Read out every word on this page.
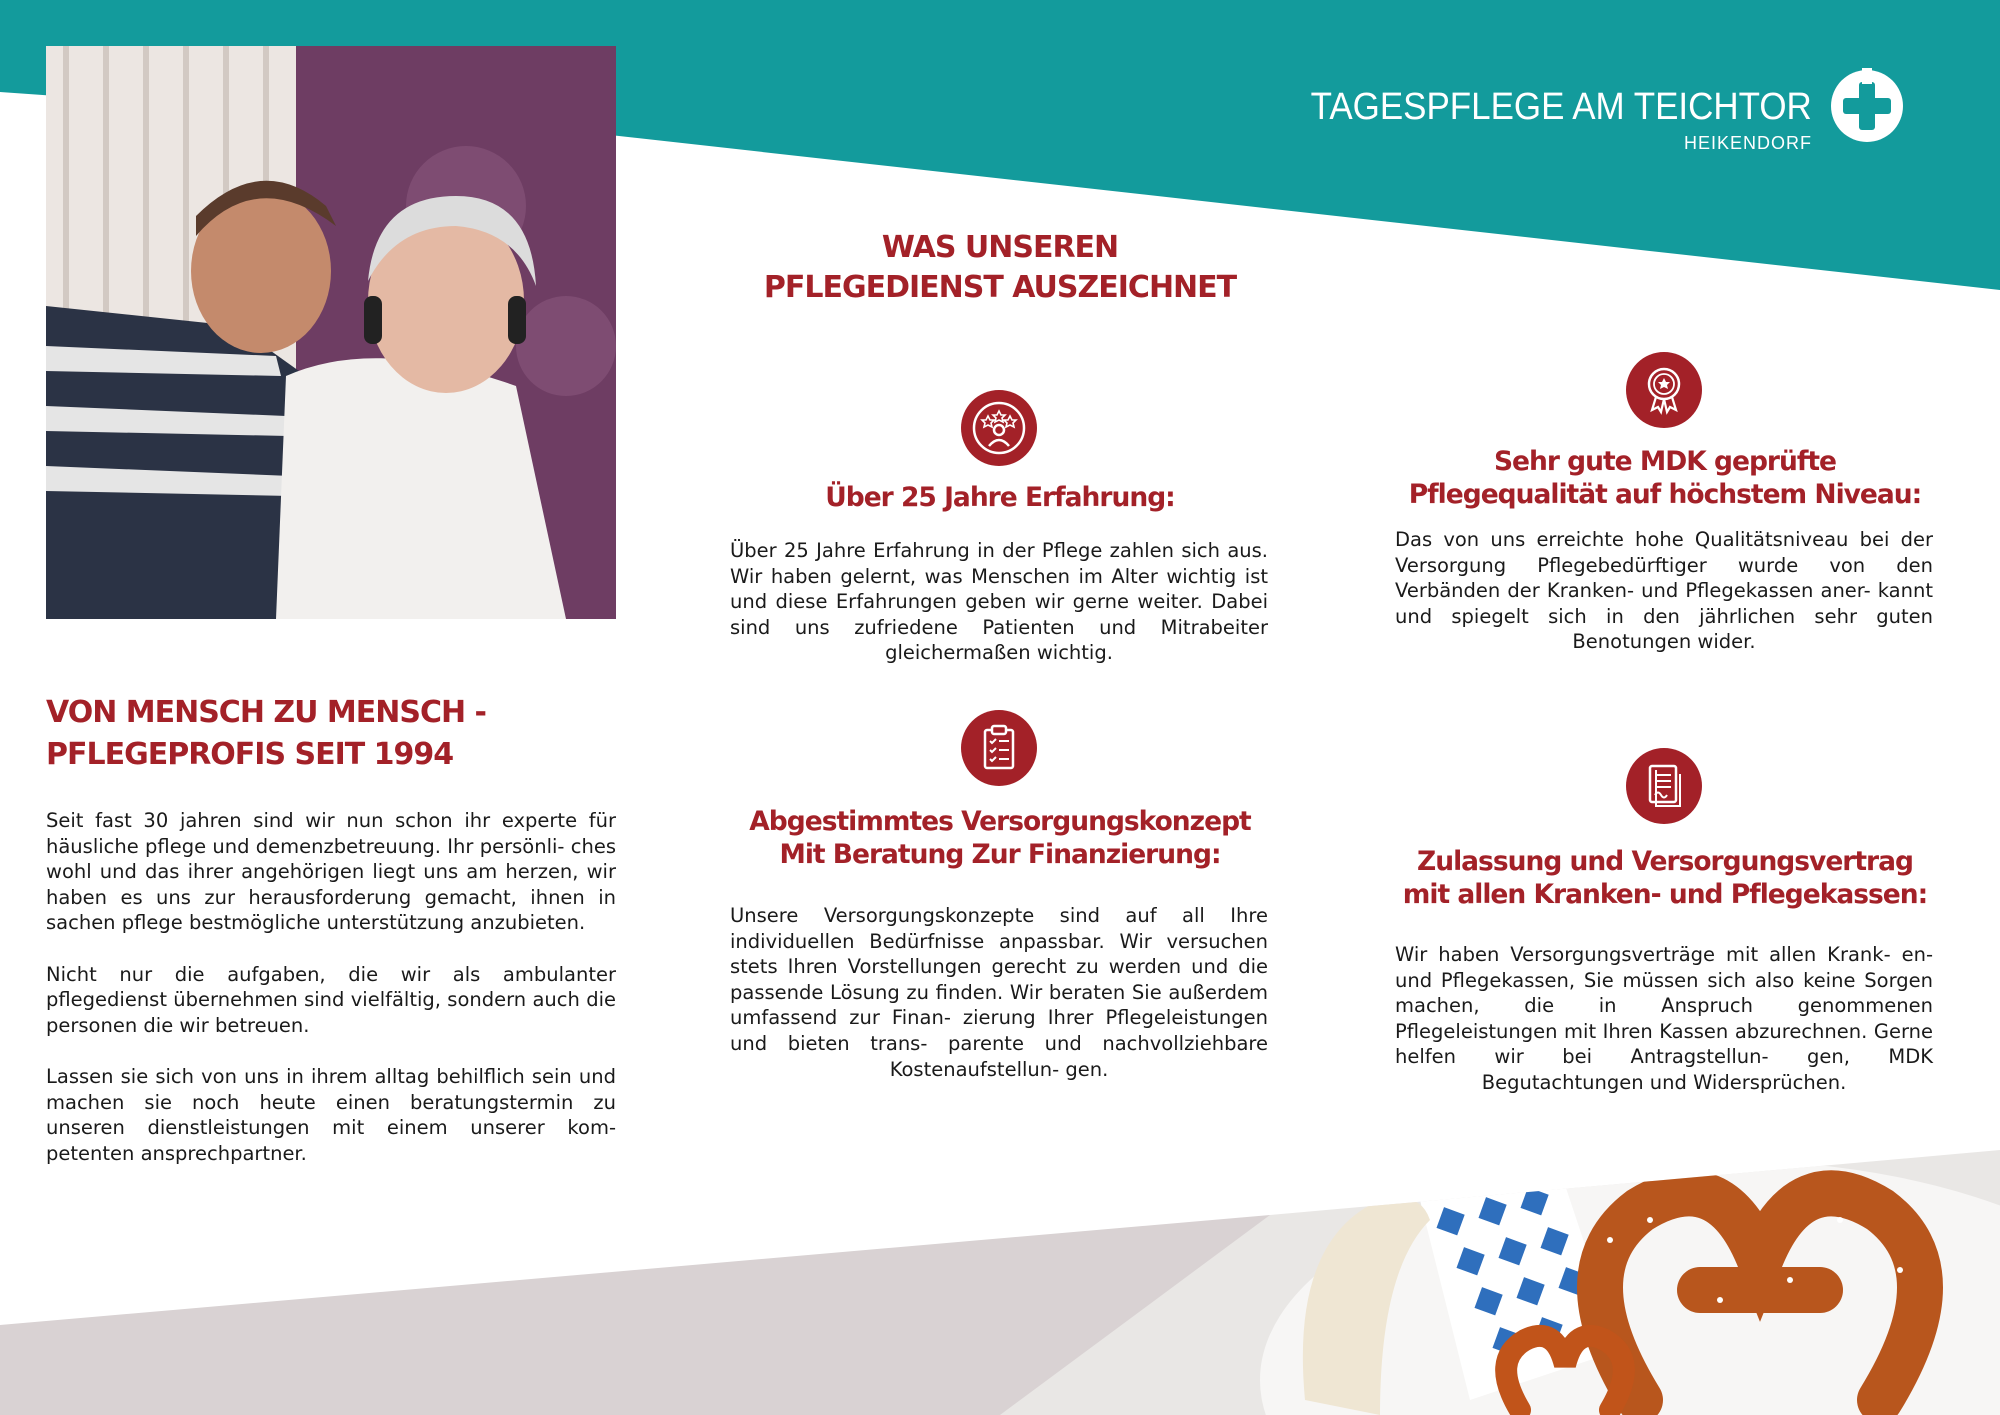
TAGESPFLEGE AM TEICHTOR
HEIKENDORF
VON MENSCH ZU MENSCH -
PFLEGEPROFIS SEIT 1994

Seit fast 30 jahren sind wir nun schon ihr experte für häusliche pflege und demenzbetreuung. Ihr persönli- ches wohl und das ihrer angehörigen liegt uns am herzen, wir haben es uns zur herausforderung gemacht, ihnen in sachen pflege bestmögliche unterstützung anzubieten.

Nicht nur die aufgaben, die wir als ambulanter pflegedienst übernehmen sind vielfältig, sondern auch die personen die wir betreuen.

Lassen sie sich von uns in ihrem alltag behilflich sein und machen sie noch heute einen beratungstermin zu unseren dienstleistungen mit einem unserer kom- petenten ansprechpartner.

WAS UNSEREN
PFLEGEDIENST AUSZEICHNET
Über 25 Jahre Erfahrung:
Über 25 Jahre Erfahrung in der Pflege zahlen sich aus. Wir haben gelernt, was Menschen im Alter wichtig ist und diese Erfahrungen geben wir gerne weiter. Dabei sind uns zufriedene Patienten und Mitrabeiter gleichermaßen wichtig.
Abgestimmtes Versorgungskonzept
Mit Beratung Zur Finanzierung:
Unsere Versorgungskonzepte sind auf all Ihre individuellen Bedürfnisse anpassbar. Wir versuchen stets Ihren Vorstellungen gerecht zu werden und die passende Lösung zu finden. Wir beraten Sie außerdem umfassend zur Finan- zierung Ihrer Pflegeleistungen und bieten trans- parente und nachvollziehbare Kostenaufstellun- gen.
Sehr gute MDK geprüfte
Pflegequalität auf höchstem Niveau:
Das von uns erreichte hohe Qualitätsniveau bei der Versorgung Pflegebedürftiger wurde von den Verbänden der Kranken- und Pflegekassen aner- kannt und spiegelt sich in den jährlichen sehr guten Benotungen wider.
Zulassung und Versorgungsvertrag
mit allen Kranken- und Pflegekassen:
Wir haben Versorgungsverträge mit allen Krank- en- und Pflegekassen, Sie müssen sich also keine Sorgen machen, die in Anspruch genommenen Pflegeleistungen mit Ihren Kassen abzurechnen. Gerne helfen wir bei Antragstellun- gen, MDK Begutachtungen und Widersprüchen.
